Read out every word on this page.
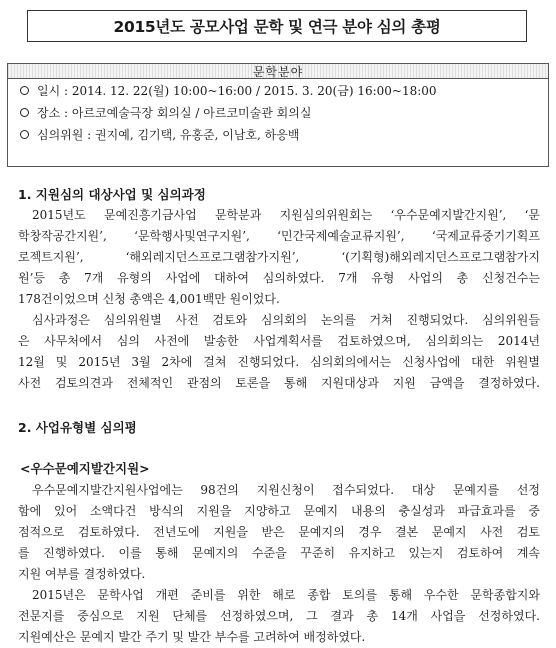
2015년도 공모사업 문학 및 연극 분야 심의 총평
문학분야
일시 : 2014. 12. 22(월) 10:00~16:00 / 2015. 3. 20(금) 16:00~18:00
장소 : 아르코예술극장 회의실 / 아르코미술관 회의실
심의위원 : 권지예, 김기택, 유홍준, 이남호, 하응백
1. 지원심의 대상사업 및 심의과정
2015년도 문예진흥기금사업 문학분과 지원심의위원회는 ‘우수문예지발간지원’, ‘문
학창작공간지원’, ‘문학행사및연구지원’, ‘민간국제예술교류지원’, ‘국제교류중기기획프
로젝트지원’, ‘해외레지던스프로그램참가지원’, ‘(기획형)해외레지던스프로그램참가지
원’등 총 7개 유형의 사업에 대하여 심의하였다. 7개 유형 사업의 총 신청건수는
178건이었으며 신청 총액은 4,001백만 원이었다.
심사과정은 심의위원별 사전 검토와 심의회의 논의를 거쳐 진행되었다. 심의위원들
은 사무처에서 심의 사전에 발송한 사업계획서를 검토하였으며, 심의회의는 2014년
12월 및 2015년 3월 2차에 걸쳐 진행되었다. 심의회의에서는 신청사업에 대한 위원별
사전 검토의견과 전체적인 관점의 토론을 통해 지원대상과 지원 금액을 결정하였다.
2. 사업유형별 심의평
<우수문예지발간지원>
우수문예지발간지원사업에는 98건의 지원신청이 접수되었다. 대상 문예지를 선정
함에 있어 소액다건 방식의 지원을 지양하고 문예지 내용의 충실성과 파급효과를 중
점적으로 검토하였다. 전년도에 지원을 받은 문예지의 경우 결본 문예지 사전 검토
를 진행하였다. 이를 통해 문예지의 수준을 꾸준히 유지하고 있는지 검토하여 계속
지원 여부를 결정하였다.
2015년은 문학사업 개편 준비를 위한 해로 종합 토의를 통해 우수한 문학종합지와
전문지를 중심으로 지원 단체를 선정하였으며, 그 결과 총 14개 사업을 선정하였다.
지원예산은 문예지 발간 주기 및 발간 부수를 고려하여 배정하였다.
